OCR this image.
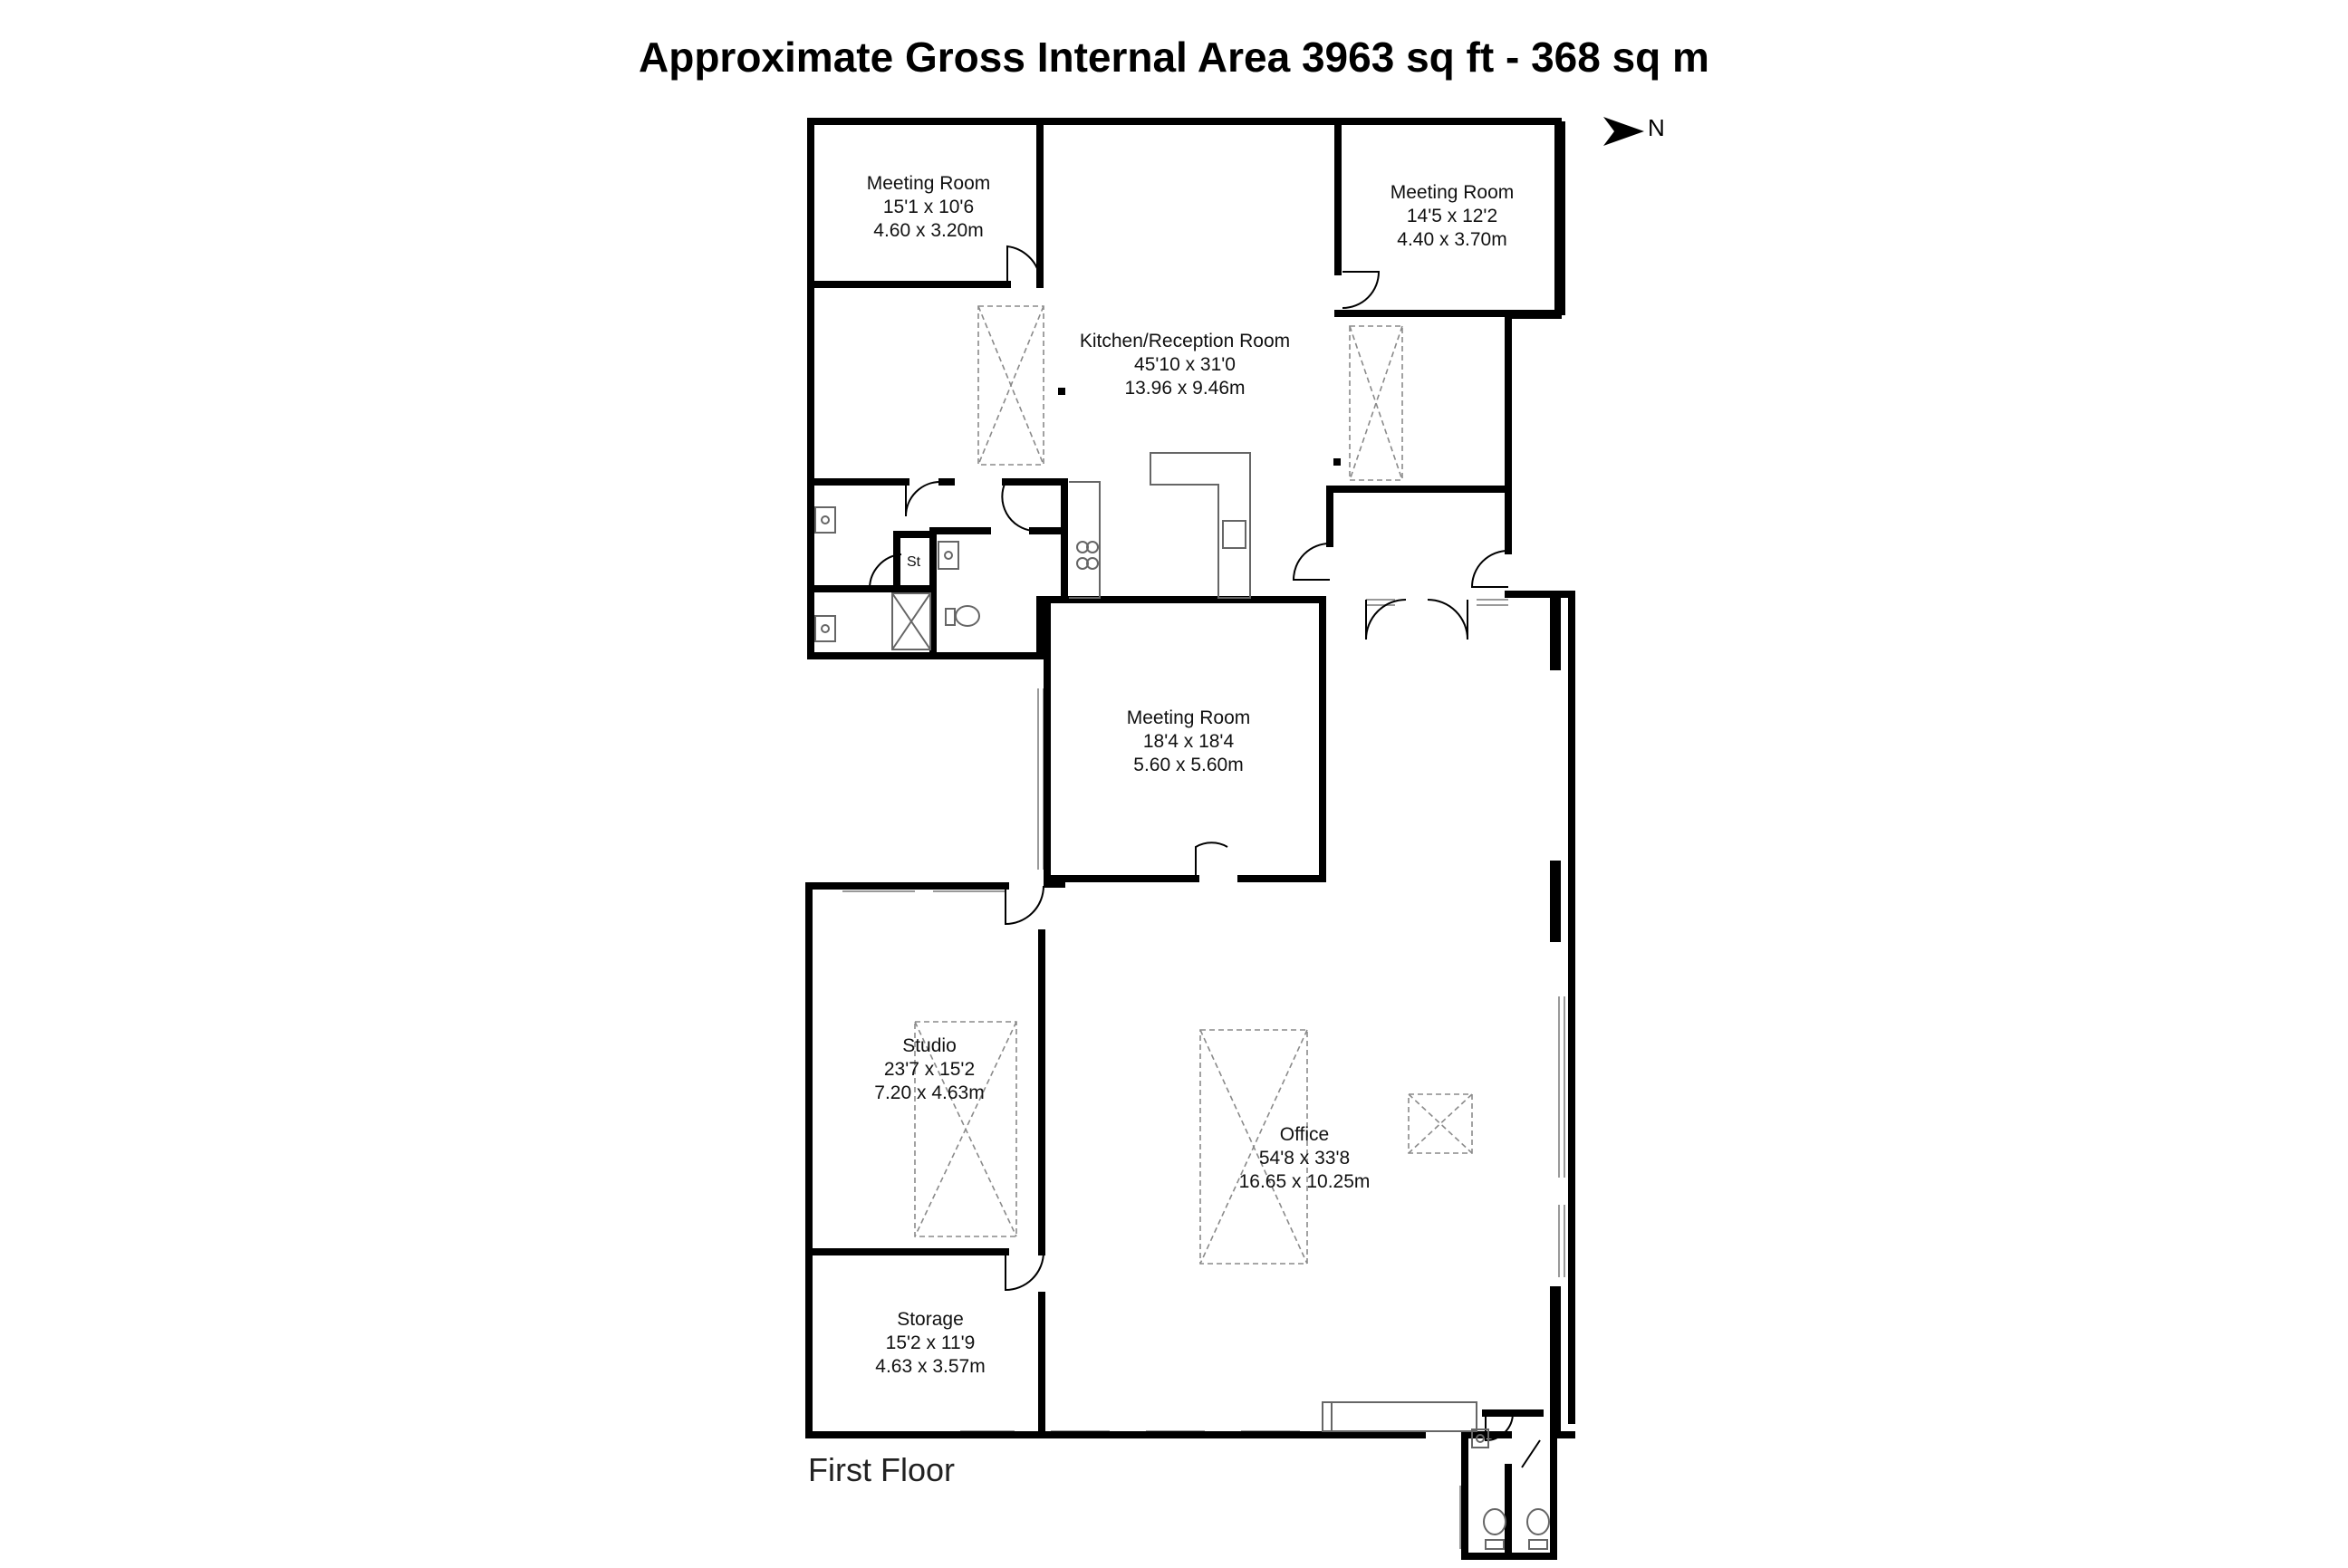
Approximate Gross Internal Area 3963 sq ft - 368 sq m
N
Meeting Room
15'1 x 10'6
4.60 x 3.20m
Meeting Room
14'5 x 12'2
4.40 x 3.70m
Kitchen/Reception Room
45'10 x 31'0
13.96 x 9.46m
Meeting Room
18'4 x 18'4
5.60 x 5.60m
Studio
23'7 x 15'2
7.20 x 4.63m
Office
54'8 x 33'8
16.65 x 10.25m
Storage
15'2 x 11'9
4.63 x 3.57m
St
First Floor
